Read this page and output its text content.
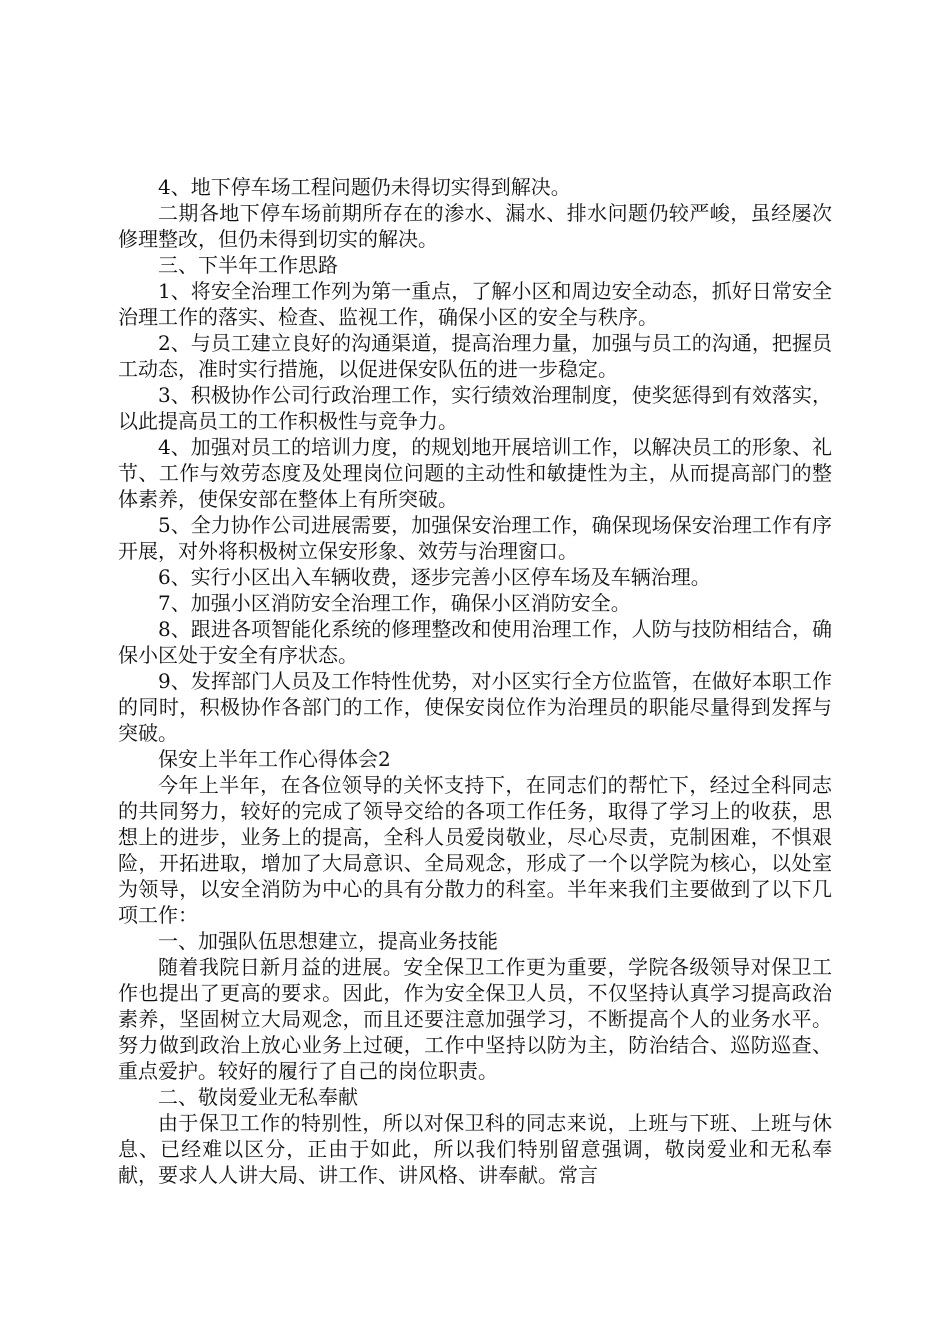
4、地下停车场工程问题仍未得切实得到解决。

二期各地下停车场前期所存在的渗水、漏水、排水问题仍较严峻，虽经屡次修理整改，但仍未得到切实的解决。

三、下半年工作思路

1、将安全治理工作列为第一重点，了解小区和周边安全动态，抓好日常安全治理工作的落实、检查、监视工作，确保小区的安全与秩序。

2、与员工建立良好的沟通渠道，提高治理力量，加强与员工的沟通，把握员工动态，准时实行措施，以促进保安队伍的进一步稳定。

3、积极协作公司行政治理工作，实行绩效治理制度，使奖惩得到有效落实，以此提高员工的工作积极性与竞争力。

4、加强对员工的培训力度，的规划地开展培训工作，以解决员工的形象、礼节、工作与效劳态度及处理岗位问题的主动性和敏捷性为主，从而提高部门的整体素养，使保安部在整体上有所突破。

5、全力协作公司进展需要，加强保安治理工作，确保现场保安治理工作有序开展，对外将积极树立保安形象、效劳与治理窗口。

6、实行小区出入车辆收费，逐步完善小区停车场及车辆治理。

7、加强小区消防安全治理工作，确保小区消防安全。

8、跟进各项智能化系统的修理整改和使用治理工作，人防与技防相结合，确保小区处于安全有序状态。

9、发挥部门人员及工作特性优势，对小区实行全方位监管，在做好本职工作的同时，积极协作各部门的工作，使保安岗位作为治理员的职能尽量得到发挥与突破。

保安上半年工作心得体会2

今年上半年，在各位领导的关怀支持下，在同志们的帮忙下，经过全科同志的共同努力，较好的完成了领导交给的各项工作任务，取得了学习上的收获，思想上的进步，业务上的提高，全科人员爱岗敬业，尽心尽责，克制困难，不惧艰险，开拓进取，增加了大局意识、全局观念，形成了一个以学院为核心，以处室为领导，以安全消防为中心的具有分散力的科室。半年来我们主要做到了以下几项工作：

一、加强队伍思想建立，提高业务技能

随着我院日新月益的进展。安全保卫工作更为重要，学院各级领导对保卫工作也提出了更高的要求。因此，作为安全保卫人员，不仅坚持认真学习提高政治素养，坚固树立大局观念，而且还要注意加强学习，不断提高个人的业务水平。努力做到政治上放心业务上过硬，工作中坚持以防为主，防治结合、巡防巡查、重点爱护。较好的履行了自己的岗位职责。

二、敬岗爱业无私奉献

由于保卫工作的特别性，所以对保卫科的同志来说，上班与下班、上班与休息、已经难以区分，正由于如此，所以我们特别留意强调，敬岗爱业和无私奉献，要求人人讲大局、讲工作、讲风格、讲奉献。常言
